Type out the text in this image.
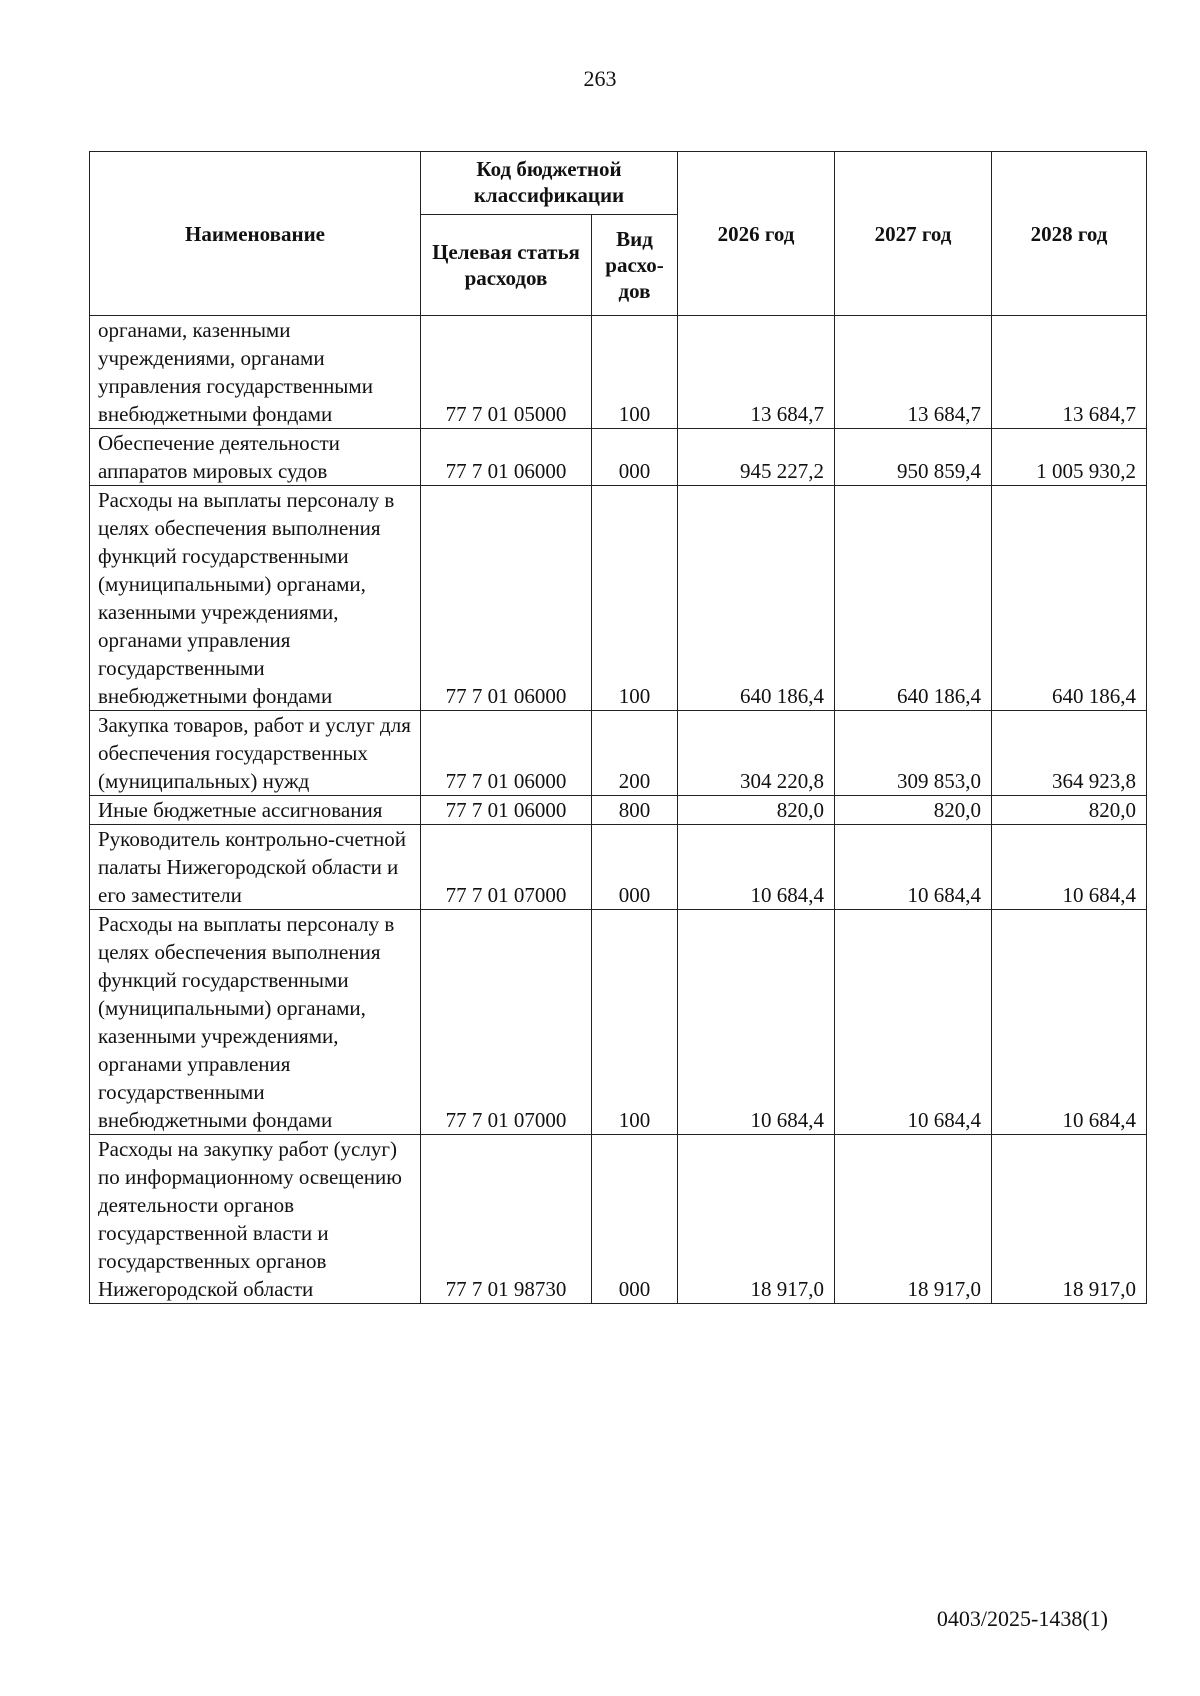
263
Наименование	Код бюджетной классификации		2026 год	2027 год	2028 год
	Целевая статья расходов	Вид расхо- дов			
органами, казенными учреждениями, органами управления государственными внебюджетными фондами	77 7 01 05000	100	13 684,7	13 684,7	13 684,7
Обеспечение деятельности аппаратов мировых судов	77 7 01 06000	000	945 227,2	950 859,4	1 005 930,2
Расходы на выплаты персоналу в целях обеспечения выполнения функций государственными (муниципальными) органами, казенными учреждениями, органами управления государственными внебюджетными фондами	77 7 01 06000	100	640 186,4	640 186,4	640 186,4
Закупка товаров, работ и услуг для обеспечения государственных (муниципальных) нужд	77 7 01 06000	200	304 220,8	309 853,0	364 923,8
Иные бюджетные ассигнования	77 7 01 06000	800	820,0	820,0	820,0
Руководитель контрольно-счетной палаты Нижегородской области и его заместители	77 7 01 07000	000	10 684,4	10 684,4	10 684,4
Расходы на выплаты персоналу в целях обеспечения выполнения функций государственными (муниципальными) органами, казенными учреждениями, органами управления государственными внебюджетными фондами	77 7 01 07000	100	10 684,4	10 684,4	10 684,4
Расходы на закупку работ (услуг) по информационному освещению деятельности органов государственной власти и государственных органов Нижегородской области	77 7 01 98730	000	18 917,0	18 917,0	18 917,0
0403/2025-1438(1)
